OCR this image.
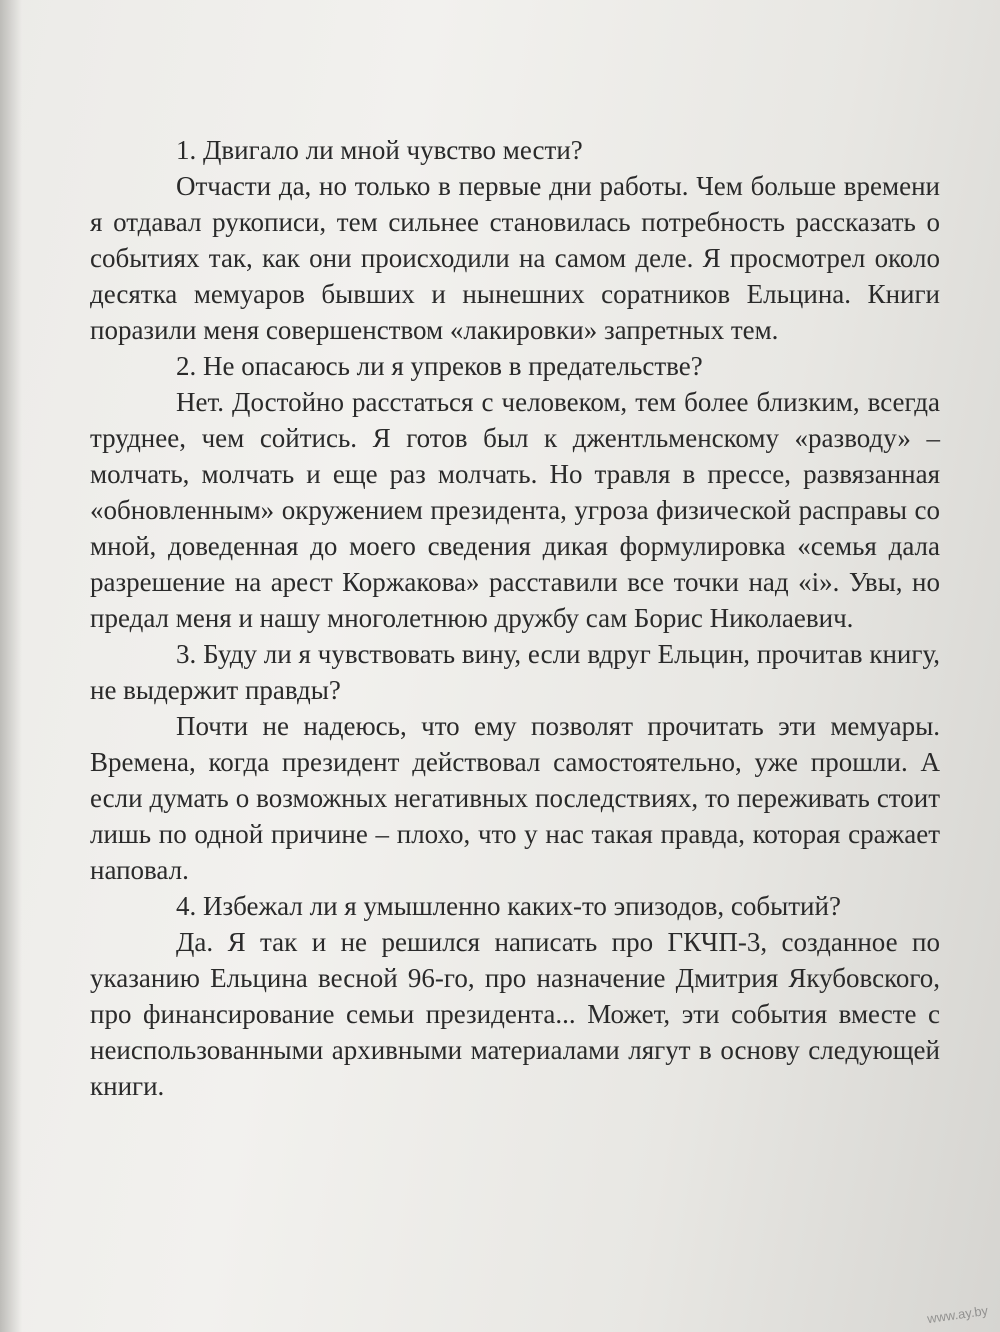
1. Двигало ли мной чувство мести?

Отчасти да, но только в первые дни работы. Чем больше времени я отдавал рукописи, тем сильнее становилась потребность рассказать о событиях так, как они происходили на самом деле. Я просмотрел около десятка мемуаров бывших и нынешних соратников Ельцина. Книги поразили меня совершенством «лакировки» запретных тем.

2. Не опасаюсь ли я упреков в предательстве?

Нет. Достойно расстаться с человеком, тем более близким, всегда труднее, чем сойтись. Я готов был к джентльменскому «разводу» – молчать, молчать и еще раз молчать. Но травля в прессе, развязанная «обновленным» окружением президента, угроза физической расправы со мной, доведенная до моего сведения дикая формулировка «семья дала разрешение на арест Коржакова» расставили все точки над «i». Увы, но предал меня и нашу многолетнюю дружбу сам Борис Николаевич.

3. Буду ли я чувствовать вину, если вдруг Ельцин, прочитав книгу, не выдержит правды?

Почти не надеюсь, что ему позволят прочитать эти мемуары. Времена, когда президент действовал самостоятельно, уже прошли. А если думать о возможных негативных последствиях, то переживать стоит лишь по одной причине – плохо, что у нас такая правда, которая сражает наповал.

4. Избежал ли я умышленно каких-то эпизодов, событий?

Да. Я так и не решился написать про ГКЧП-3, созданное по указанию Ельцина весной 96-го, про назначение Дмитрия Якубовского, про финансирование семьи президента... Может, эти события вместе с неиспользованными архивными материалами лягут в основу следующей книги.

www.ay.by
